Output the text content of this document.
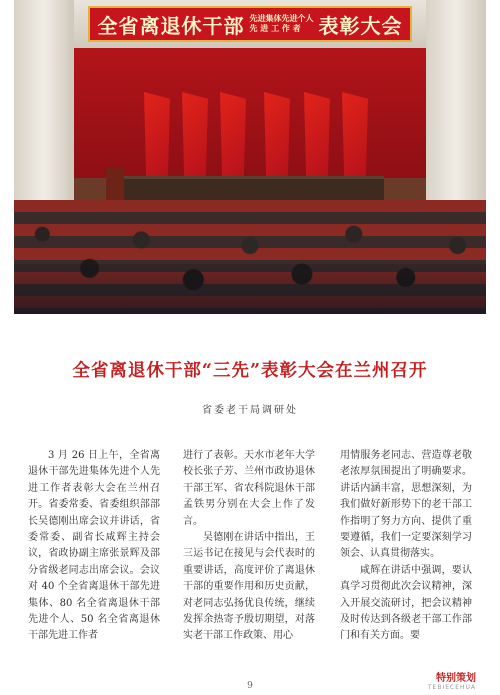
全省离退休干部 先进集体先进个人
先 进 工 作 者 表彰大会
全省离退休干部“三先”表彰大会在兰州召开
省委老干局调研处

3 月 26 日上午，全省离退休干部先进集体先进个人先进工作者表彰大会在兰州召开。省委常委、省委组织部部长吴德刚出席会议并讲话，省委常委、副省长咸辉主持会议，省政协副主席张景辉及部分省级老同志出席会议。会议对 40 个全省离退休干部先进集体、80 名全省离退休干部先进个人、50 名全省离退休干部先进工作者

进行了表彰。天水市老年大学校长张子芳、兰州市政协退休干部王军、省农科院退休干部孟铁男分别在大会上作了发言。

吴德刚在讲话中指出，王三运书记在接见与会代表时的重要讲话，高度评价了离退休干部的重要作用和历史贡献，对老同志弘扬优良传统，继续发挥余热寄予殷切期望，对落实老干部工作政策、用心

用情服务老同志、营造尊老敬老浓厚氛围提出了明确要求。讲话内涵丰富，思想深刻，为我们做好新形势下的老干部工作指明了努力方向、提供了重要遵循，我们一定要深刻学习领会、认真贯彻落实。

咸辉在讲话中强调，要认真学习贯彻此次会议精神，深入开展交流研讨，把会议精神及时传达到各级老干部工作部门和有关方面。要

9
特别策划
TEBIECEHUA
